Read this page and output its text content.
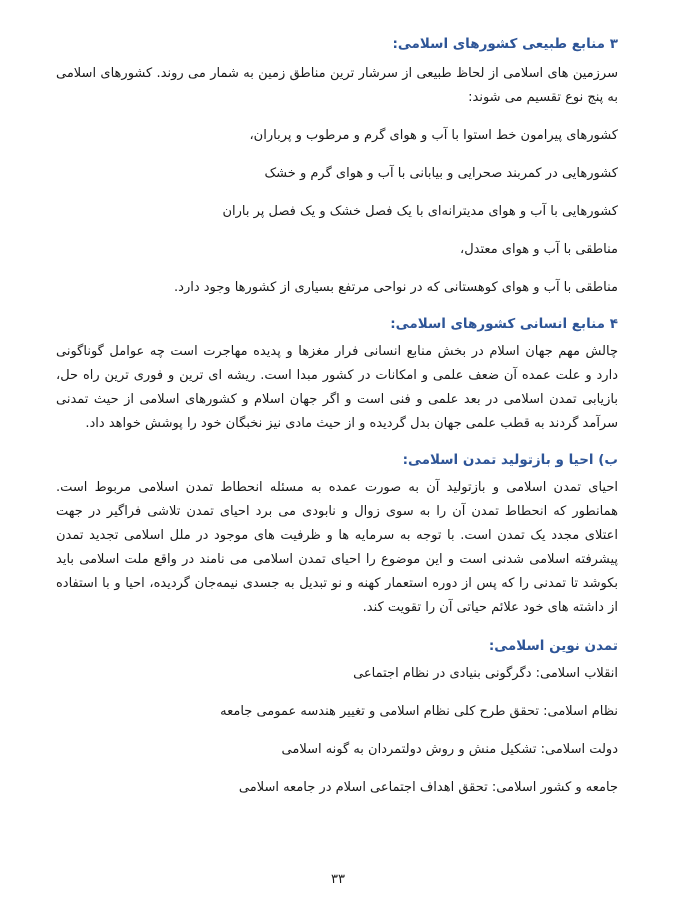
۳ منابع طبیعی کشورهای اسلامی:

سرزمین های اسلامی از لحاظ طبیعی از سرشار ترین مناطق زمین به شمار می روند. کشورهای اسلامی به پنج نوع تقسیم می شوند:

کشورهای پیرامون خط استوا با آب و هوای گرم و مرطوب و پرباران،

کشورهایی در کمربند صحرایی و بیابانی با آب و هوای گرم و خشک

کشورهایی با آب و هوای مدیترانه‌ای با یک فصل خشک و یک فصل پر باران

مناطقی با آب و هوای معتدل،

مناطقی با آب و هوای کوهستانی که در نواحی مرتفع بسیاری از کشورها وجود دارد.

۴ منابع انسانی کشورهای اسلامی:

چالش مهم جهان اسلام در بخش منابع انسانی فرار مغزها و پدیده مهاجرت است چه عوامل گوناگونی دارد و علت عمده آن ضعف علمی و امکانات در کشور مبدا است. ریشه ای ترین و فوری ترین راه حل، بازیابی تمدن اسلامی در بعد علمی و فنی است و اگر جهان اسلام و کشورهای اسلامی از حیث تمدنی سرآمد گردند به قطب علمی جهان بدل گردیده و از حیث مادی نیز نخبگان خود را پوشش خواهد داد.

ب) احیا و بازتولید تمدن اسلامی:

احیای تمدن اسلامی و بازتولید آن به صورت عمده به مسئله انحطاط تمدن اسلامی مربوط است. همانطور که انحطاط تمدن آن را به سوی زوال و نابودی می برد احیای تمدن تلاشی فراگیر در جهت اعتلای مجدد یک تمدن است. با توجه به سرمایه ها و ظرفیت های موجود در ملل اسلامی تجدید تمدن پیشرفته اسلامی شدنی است و این موضوع را احیای تمدن اسلامی می نامند در واقع ملت اسلامی باید بکوشد تا تمدنی را که پس از دوره استعمار کهنه و نو تبدیل به جسدی نیمه‌جان گردیده، احیا و با استفاده از داشته های خود علائم حیاتی آن را تقویت کند.

تمدن نوین اسلامی:

انقلاب اسلامی: دگرگونی بنیادی در نظام اجتماعی

نظام اسلامی: تحقق طرح کلی نظام اسلامی و تغییر هندسه عمومی جامعه

دولت اسلامی: تشکیل منش و روش دولتمردان به گونه اسلامی

جامعه و کشور اسلامی: تحقق اهداف اجتماعی اسلام در جامعه اسلامی

۳۳
